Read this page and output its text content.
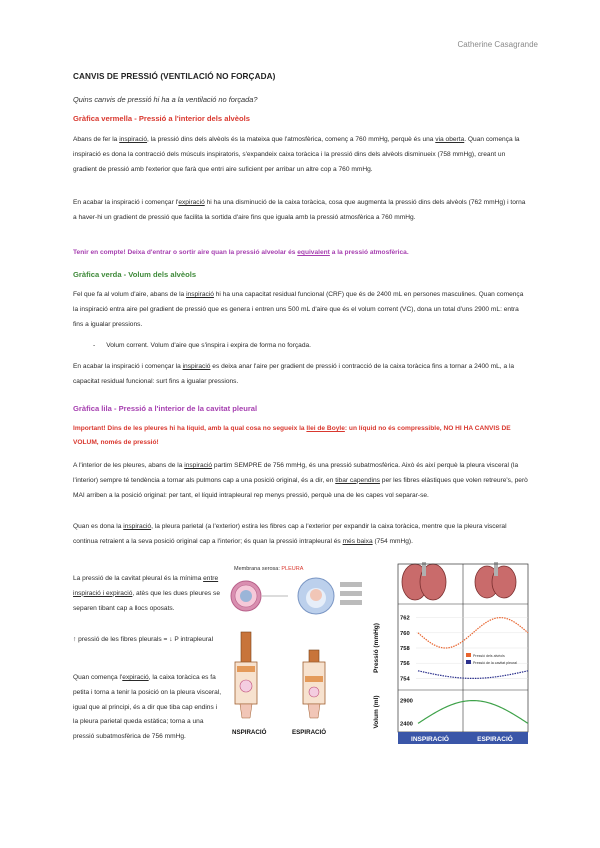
Catherine Casagrande
CANVIS DE PRESSIÓ (VENTILACIÓ NO FORÇADA)
Quins canvis de pressió hi ha a la ventilació no forçada?
Gràfica vermella - Pressió a l'interior dels alvèols
Abans de fer la inspiració, la pressió dins dels alvèols és la mateixa que l'atmosfèrica, començ a 760 mmHg, perquè és una via oberta. Quan comença la inspiració es dona la contracció dels músculs inspiratoris, s'expandeix caixa toràcica i la pressió dins dels alvèols disminueix (758 mmHg), creant un gradient de pressió amb l'exterior que farà que entri aire suficient per arribar un altre cop a 760 mmHg.
En acabar la inspiració i començar l'expiració hi ha una disminució de la caixa toràcica, cosa que augmenta la pressió dins dels alvèols (762 mmHg) i torna a haver-hi un gradient de pressió que facilita la sortida d'aire fins que iguala amb la pressió atmosfèrica a 760 mmHg.
Tenir en compte! Deixa d'entrar o sortir aire quan la pressió alveolar és equivalent a la pressió atmosfèrica.
Gràfica verda - Volum dels alvèols
Fel que fa al volum d'aire, abans de la inspiració hi ha una capacitat residual funcional (CRF) que és de 2400 mL en persones masculines. Quan comença la inspiració entra aire pel gradient de pressió que es genera i entren uns 500 mL d'aire que és el volum corrent (VC), dona un total d'uns 2900 mL: entra fins a igualar pressions.
-      Volum corrent. Volum d'aire que s'inspira i expira de forma no forçada.
En acabar la inspiració i començar la inspiració es deixa anar l'aire per gradient de pressió i contracció de la caixa toràcica fins a tornar a 2400 mL, a la capacitat residual funcional: surt fins a igualar pressions.
Gràfica lila - Pressió a l'interior de la cavitat pleural
Important! Dins de les pleures hi ha líquid, amb la qual cosa no segueix la llei de Boyle: un líquid no és compressible, NO HI HA CANVIS DE VOLUM, només de pressió!
A l'interior de les pleures, abans de la inspiració partim SEMPRE de 756 mmHg, és una pressió subatmosfèrica. Això és així perquè la pleura visceral (la l'interior) sempre té tendència a tornar als pulmons cap a una posició original, és a dir, en tibar capendins per les fibres elàstiques que volen retreure's, però MAI arriben a la posició original: per tant, el líquid intrapleural rep menys pressió, perquè una de les capes vol separar-se.
Quan es dona la inspiració, la pleura parietal (a l'exterior) estira les fibres cap a l'exterior per expandir la caixa toràcica, mentre que la pleura visceral continua retraient a la seva posició original cap a l'interior; és quan la pressió intrapleural és més baixa (754 mmHg).
La pressió de la cavitat pleural és la mínima entre inspiració i expiració, atès que les dues pleures se separen tibant cap a llocs oposats.
↑ pressió de les fibres pleurals = ↓ P intrapleural
Quan comença l'expiració, la caixa toràcica es fa petita i torna a tenir la posició on la pleura visceral, igual que al principi, és a dir que tiba cap endins i la pleura parietal queda estàtica; torna a una pressió subatmosfèrica de 756 mmHg.
Membrana serosa: PLEURA
NSPIRACIÓ	ESPIRACIÓ
762
760
758
756
754
2900
2400
INSPIRACIÓ	ESPIRACIÓ
Pressió (mmHg)
Volum (ml)
Pressió dels alvèols
Pressió de la cavitat pleural
